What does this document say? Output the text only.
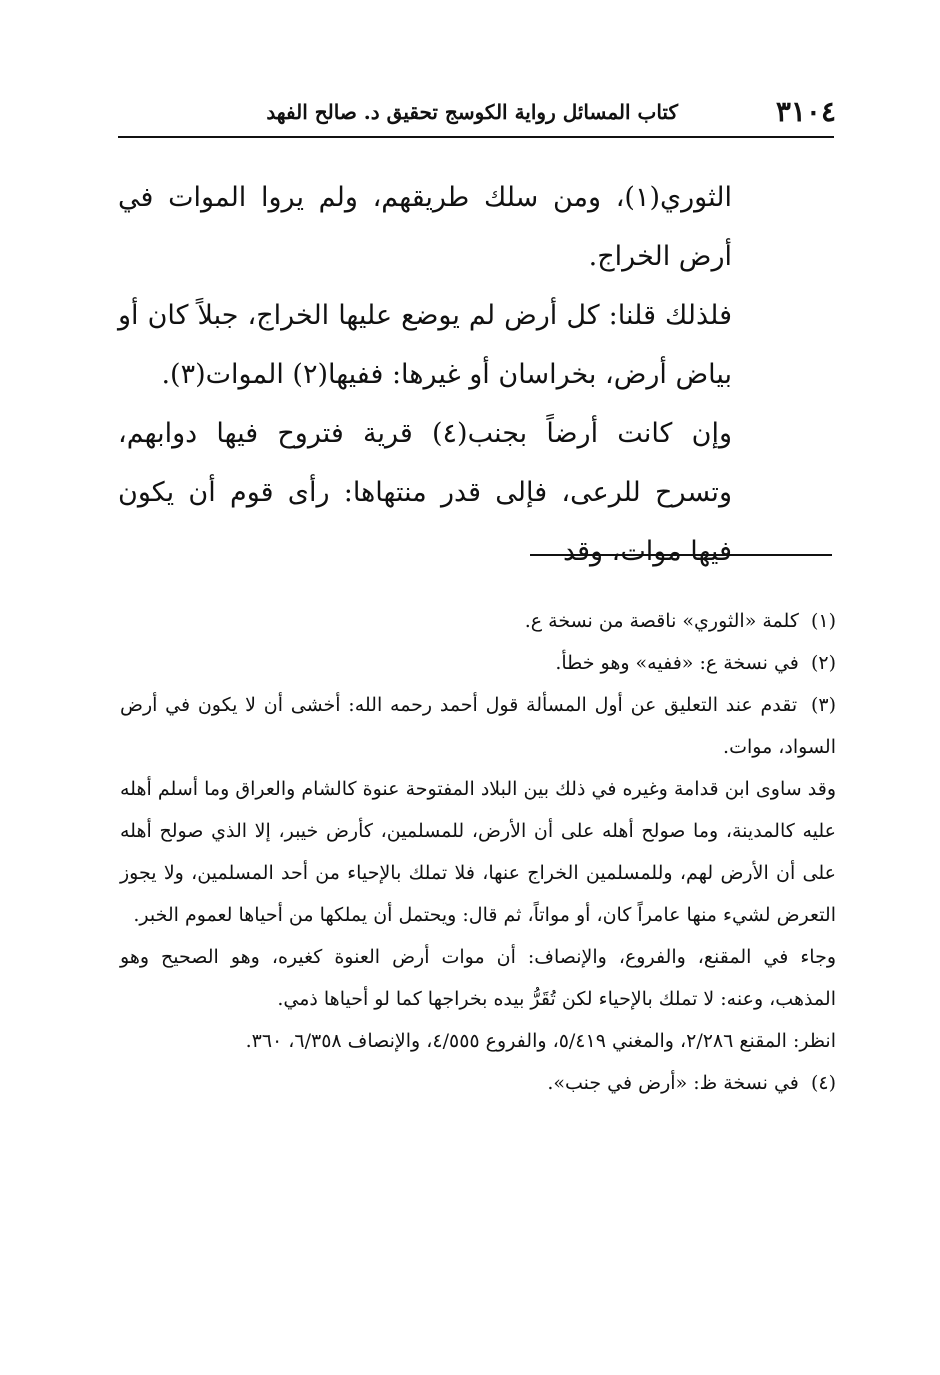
٣١٠٤
كتاب المسائل رواية الكوسج تحقيق د. صالح الفهد

الثوري(١)، ومن سلك طريقهم، ولم يروا الموات في أرض الخراج.

فلذلك قلنا: كل أرض لم يوضع عليها الخراج، جبلاً كان أو بياض أرض، بخراسان أو غيرها: ففيها(٢) الموات(٣).

وإن كانت أرضاً بجنب(٤) قرية فتروح فيها دوابهم، وتسرح للرعى، فإلى قدر منتهاها: رأى قوم أن يكون فيها موات، وقد

(١) كلمة «الثوري» ناقصة من نسخة ع.

(٢) في نسخة ع: «ففيه» وهو خطأ.

(٣) تقدم عند التعليق عن أول المسألة قول أحمد رحمه الله: أخشى أن لا يكون في أرض السواد، موات.

وقد ساوى ابن قدامة وغيره في ذلك بين البلاد المفتوحة عنوة كالشام والعراق وما أسلم أهله عليه كالمدينة، وما صولح أهله على أن الأرض، للمسلمين، كأرض خيبر، إلا الذي صولح أهله على أن الأرض لهم، وللمسلمين الخراج عنها، فلا تملك بالإحياء من أحد المسلمين، ولا يجوز التعرض لشيء منها عامراً كان، أو مواتاً، ثم قال: ويحتمل أن يملكها من أحياها لعموم الخبر.

وجاء في المقنع، والفروع، والإنصاف: أن موات أرض العنوة كغيره، وهو الصحيح وهو المذهب، وعنه: لا تملك بالإحياء لكن تُقَرُّ بيده بخراجها كما لو أحياها ذمي.

انظر: المقنع ٢/٢٨٦، والمغني ٥/٤١٩، والفروع ٤/٥٥٥، والإنصاف ٦/٣٥٨، ٣٦٠.

(٤) في نسخة ظ: «أرض في جنب».
